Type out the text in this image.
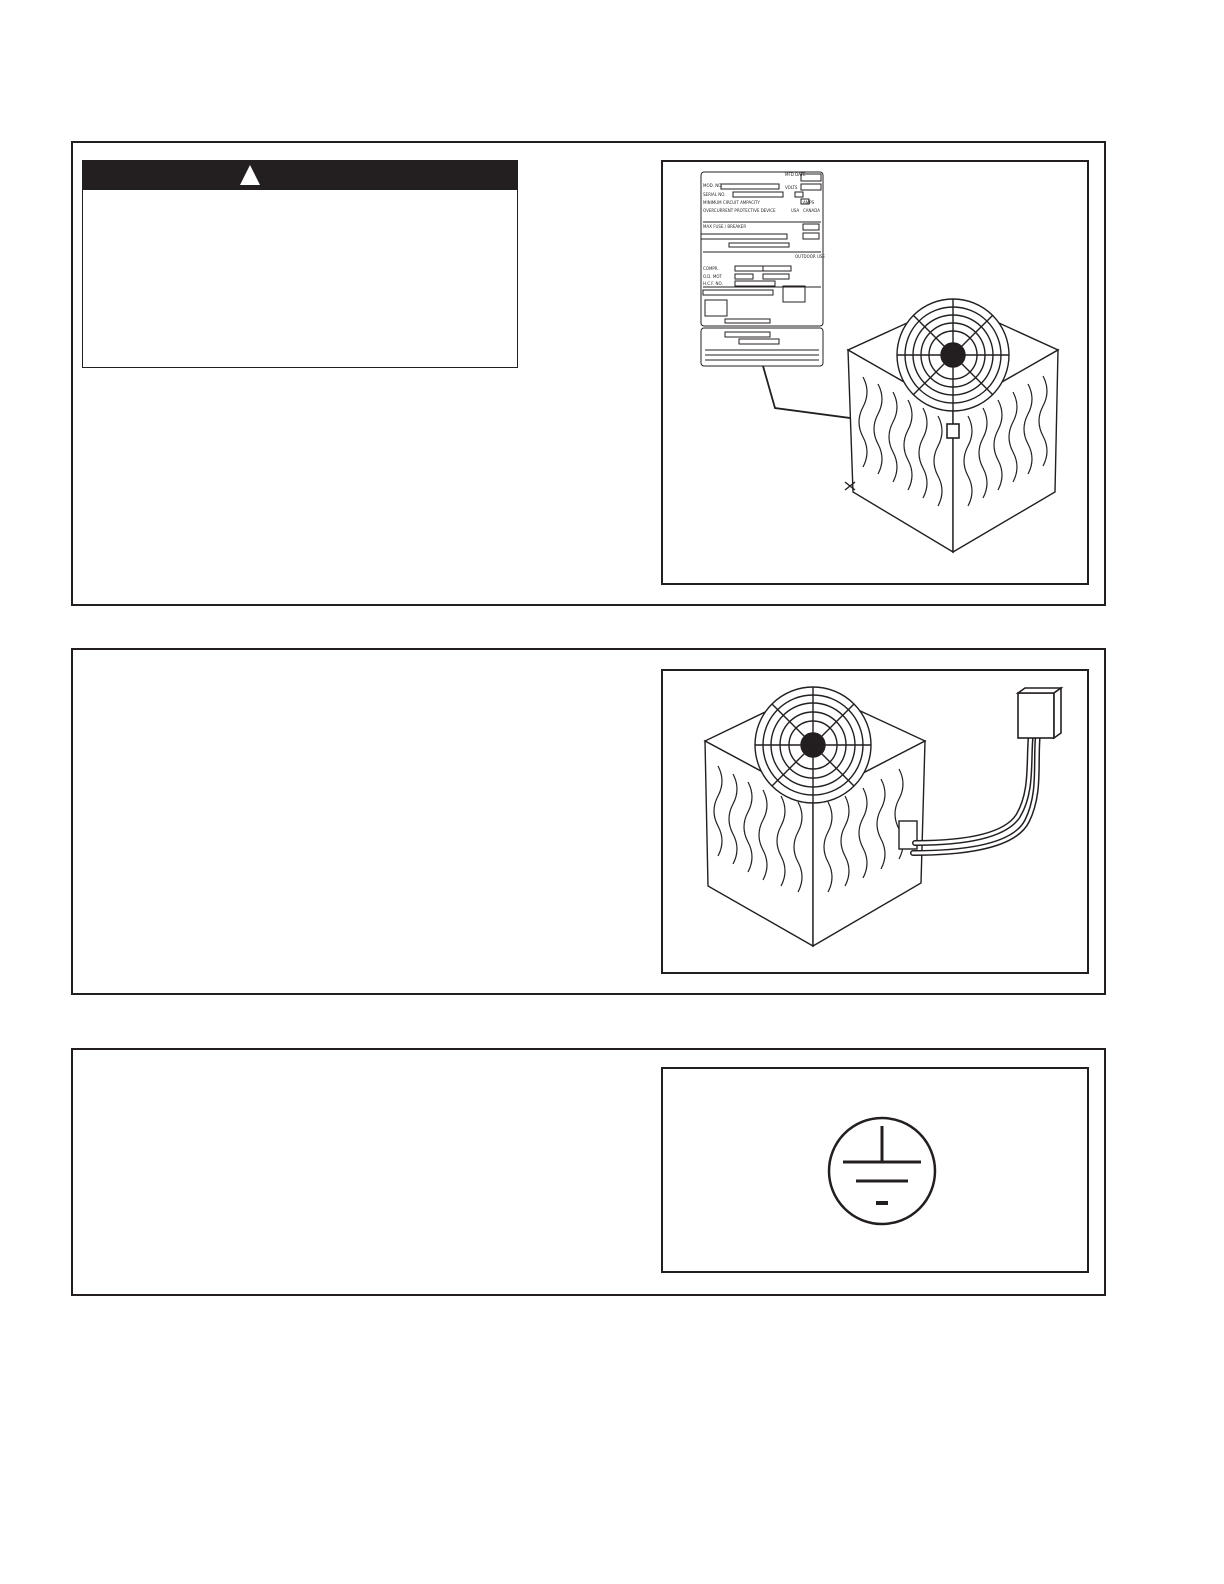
MOD. NO.
SERIAL NO.
MFD DATE
VOLTS
MINIMUM CIRCUIT AMPACITY
OVERCURRENT PROTECTIVE DEVICE	USA CANADA
AMPS
MAX FUSE / BREAKER
OUTDOOR USE
COMPR.
O.D. MOT
H.C.F. NO.
